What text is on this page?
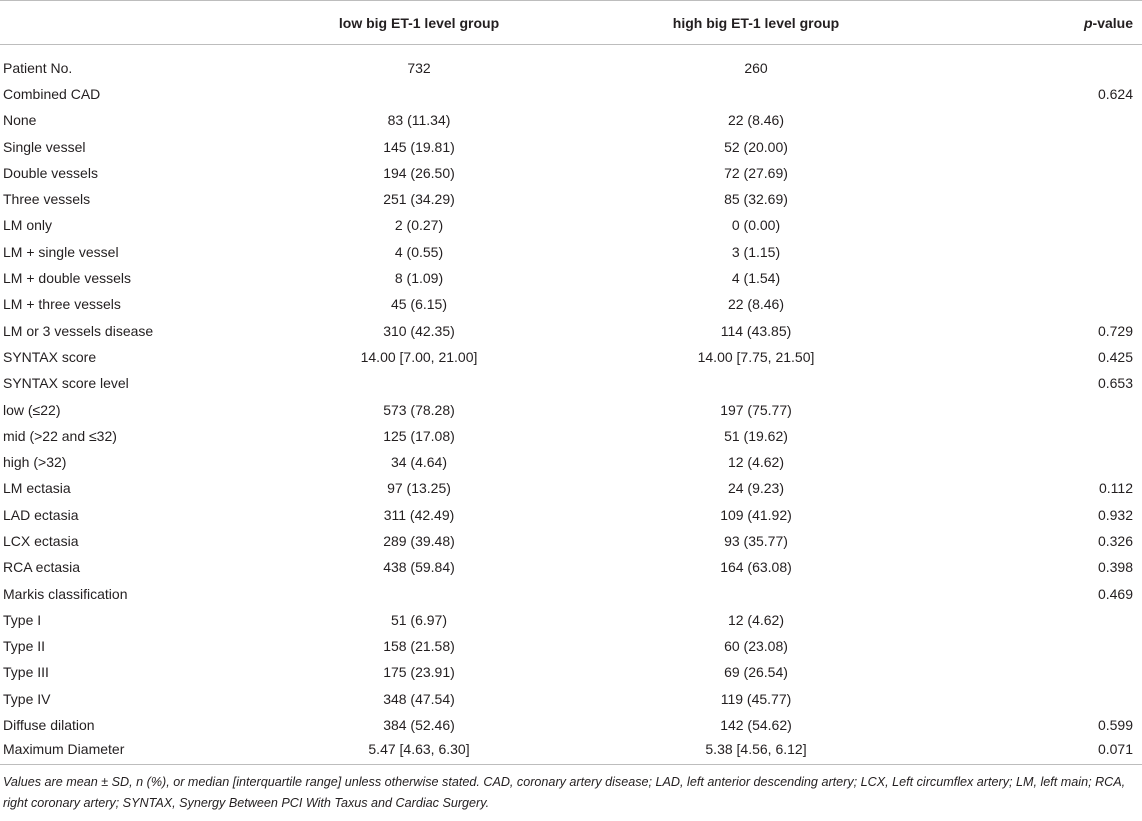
	low big ET-1 level group	high big ET-1 level group	p-value

Patient No.	732	260	
Combined CAD			0.624
None	83 (11.34)	22 (8.46)	
Single vessel	145 (19.81)	52 (20.00)	
Double vessels	194 (26.50)	72 (27.69)	
Three vessels	251 (34.29)	85 (32.69)	
LM only	2 (0.27)	0 (0.00)	
LM + single vessel	4 (0.55)	3 (1.15)	
LM + double vessels	8 (1.09)	4 (1.54)	
LM + three vessels	45 (6.15)	22 (8.46)	
LM or 3 vessels disease	310 (42.35)	114 (43.85)	0.729
SYNTAX score	14.00 [7.00, 21.00]	14.00 [7.75, 21.50]	0.425
SYNTAX score level			0.653
low (≤22)	573 (78.28)	197 (75.77)	
mid (>22 and ≤32)	125 (17.08)	51 (19.62)	
high (>32)	34 (4.64)	12 (4.62)	
LM ectasia	97 (13.25)	24 (9.23)	0.112
LAD ectasia	311 (42.49)	109 (41.92)	0.932
LCX ectasia	289 (39.48)	93 (35.77)	0.326
RCA ectasia	438 (59.84)	164 (63.08)	0.398
Markis classification			0.469
Type I	51 (6.97)	12 (4.62)	
Type II	158 (21.58)	60 (23.08)	
Type III	175 (23.91)	69 (26.54)	
Type IV	348 (47.54)	119 (45.77)	
Diffuse dilation	384 (52.46)	142 (54.62)	0.599
Maximum Diameter	5.47 [4.63, 6.30]	5.38 [4.56, 6.12]	0.071
Values are mean ± SD, n (%), or median [interquartile range] unless otherwise stated. CAD, coronary artery disease; LAD, left anterior descending artery; LCX, Left circumflex artery; LM, left main; RCA, right coronary artery; SYNTAX, Synergy Between PCI With Taxus and Cardiac Surgery.
